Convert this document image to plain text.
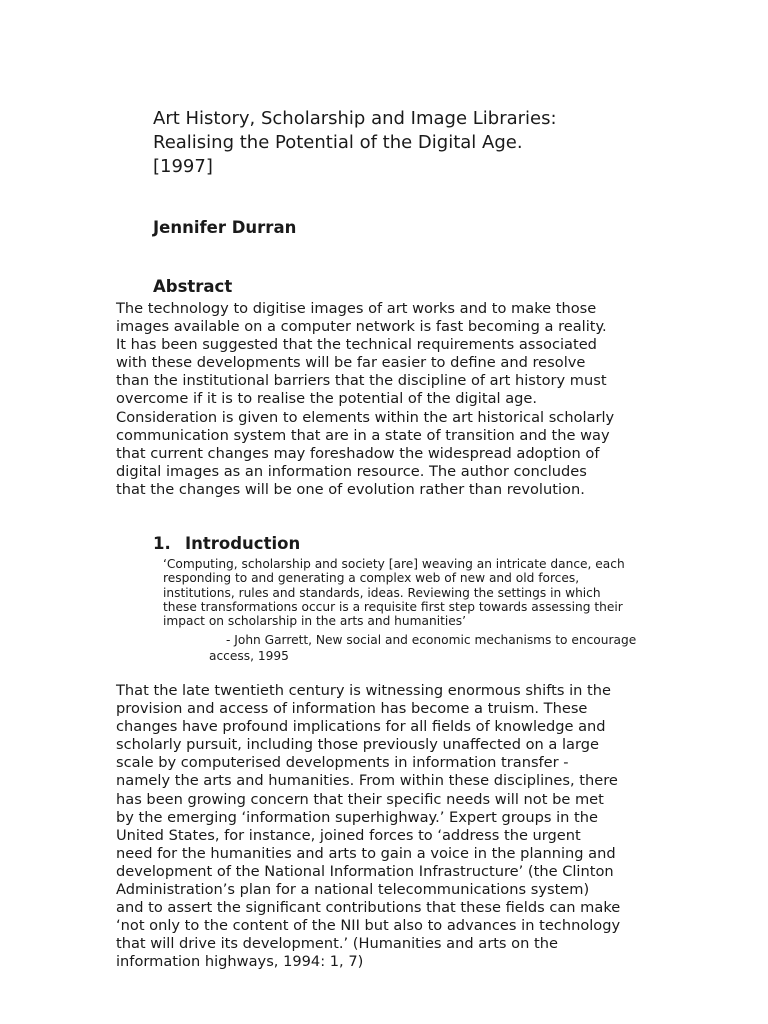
Art History, Scholarship and Image Libraries:
Realising the Potential of the Digital Age.
[1997]
Jennifer Durran
Abstract
The technology to digitise images of art works and to make those
images available on a computer network is fast becoming a reality.
It has been suggested that the technical requirements associated
with these developments will be far easier to define and resolve
than the institutional barriers that the discipline of art history must
overcome if it is to realise the potential of the digital age.
Consideration is given to elements within the art historical scholarly
communication system that are in a state of transition and the way
that current changes may foreshadow the widespread adoption of
digital images as an information resource. The author concludes
that the changes will be one of evolution rather than revolution.
1. Introduction
‘Computing, scholarship and society [are] weaving an intricate dance, each
responding to and generating a complex web of new and old forces,
institutions, rules and standards, ideas. Reviewing the settings in which
these transformations occur is a requisite first step towards assessing their
impact on scholarship in the arts and humanities’
- John Garrett, New social and economic mechanisms to encourage
access, 1995
That the late twentieth century is witnessing enormous shifts in the
provision and access of information has become a truism. These
changes have profound implications for all fields of knowledge and
scholarly pursuit, including those previously unaffected on a large
scale by computerised developments in information transfer -
namely the arts and humanities. From within these disciplines, there
has been growing concern that their specific needs will not be met
by the emerging ‘information superhighway.’ Expert groups in the
United States, for instance, joined forces to ‘address the urgent
need for the humanities and arts to gain a voice in the planning and
development of the National Information Infrastructure’ (the Clinton
Administration’s plan for a national telecommunications system)
and to assert the significant contributions that these fields can make
‘not only to the content of the NII but also to advances in technology
that will drive its development.’ (Humanities and arts on the
information highways, 1994: 1, 7)
